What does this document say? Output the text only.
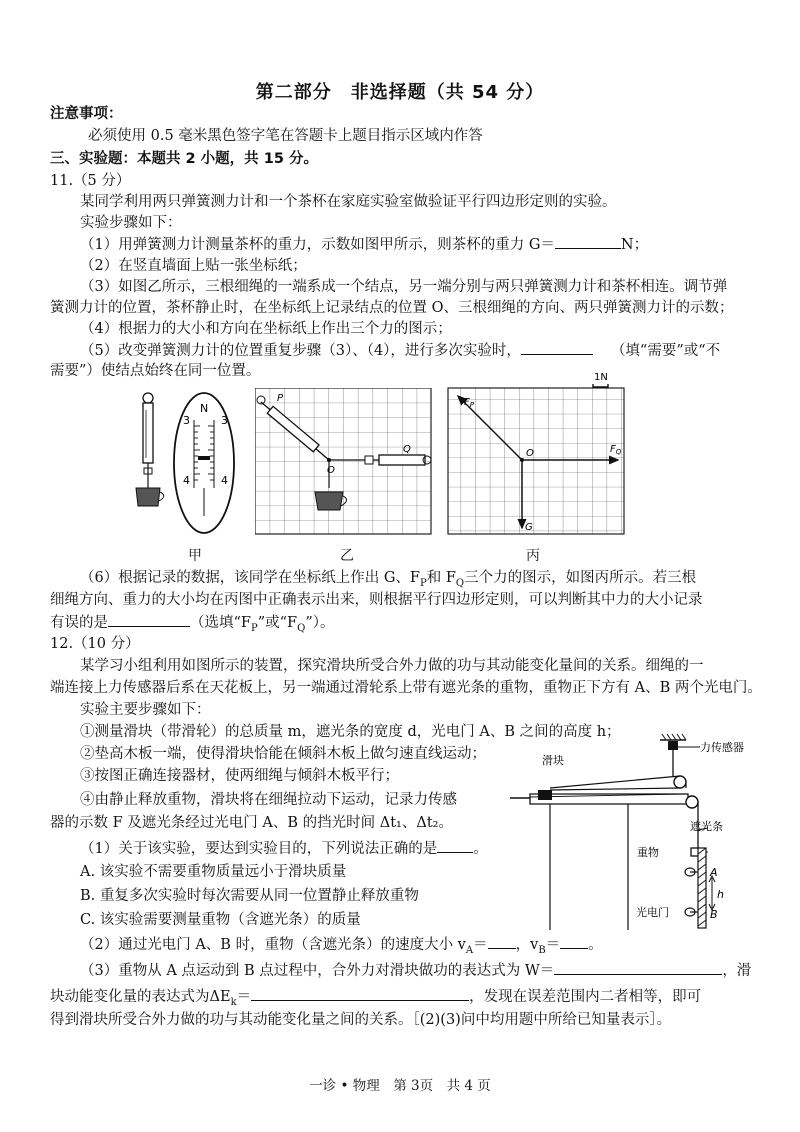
第二部分　非选择题（共 54 分）
注意事项：
必须使用 0.5 毫米黑色签字笔在答题卡上题目指示区域内作答
三、实验题：本题共 2 小题，共 15 分。
11.（5 分）
某同学利用两只弹簧测力计和一个茶杯在家庭实验室做验证平行四边形定则的实验。
实验步骤如下：
（1）用弹簧测力计测量茶杯的重力，示数如图甲所示，则茶杯的重力 G＝	N；
（2）在竖直墙面上贴一张坐标纸；
（3）如图乙所示，三根细绳的一端系成一个结点，另一端分别与两只弹簧测力计和茶杯相连。调节弹
簧测力计的位置，茶杯静止时，在坐标纸上记录结点的位置 O、三根细绳的方向、两只弹簧测力计的示数；
（4）根据力的大小和方向在坐标纸上作出三个力的图示；
（5）改变弹簧测力计的位置重复步骤（3）、（4），进行多次实验时，	（填“需要”或“不
需要”）使结点始终在同一位置。
N
3	3
4	4
P
O
Q
1N
O
$F_P$
$F_Q$
G
甲	乙	丙
（6）根据记录的数据，该同学在坐标纸上作出 G、$F_P$和 $F_Q$三个力的图示，如图丙所示。若三根
细绳方向、重力的大小均在丙图中正确表示出来，则根据平行四边形定则，可以判断其中力的大小记录
有误的是	（选填“$F_P$”或“$F_Q$”）。
12.（10 分）
某学习小组利用如图所示的装置，探究滑块所受合外力做的功与其动能变化量间的关系。细绳的一
端连接上力传感器后系在天花板上，另一端通过滑轮系上带有遮光条的重物，重物正下方有 A、B 两个光电门。
实验主要步骤如下：
①测量滑块（带滑轮）的总质量 m，遮光条的宽度 d，光电门 A、B 之间的高度 h；
②垫高木板一端，使得滑块恰能在倾斜木板上做匀速直线运动；
③按图正确连接器材，使两细绳与倾斜木板平行；
④由静止释放重物，滑块将在细绳拉动下运动，记录力传感
器的示数 F 及遮光条经过光电门 A、B 的挡光时间 Δt₁、Δt₂。
（1）关于该实验，要达到实验目的，下列说法正确的是 。
A. 该实验不需要重物质量远小于滑块质量
B. 重复多次实验时每次需要从同一位置静止释放重物
C. 该实验需要测量重物（含遮光条）的质量
（2）通过光电门 A、B 时，重物（含遮光条）的速度大小 $v_A=$ ，$v_B=$ 。
（3）重物从 A 点运动到 B 点过程中，合外力对滑块做功的表达式为 W＝	，滑
块动能变化量的表达式为$\Delta E_k=$	，发现在误差范围内二者相等，即可
得到滑块所受合外力做的功与其动能变化量之间的关系。［(2)(3)问中均用题中所给已知量表示］。
力传感器
滑块
遮光条
重物
A
B
h
光电门
一诊 • 物理　第 3页　共 4 页
